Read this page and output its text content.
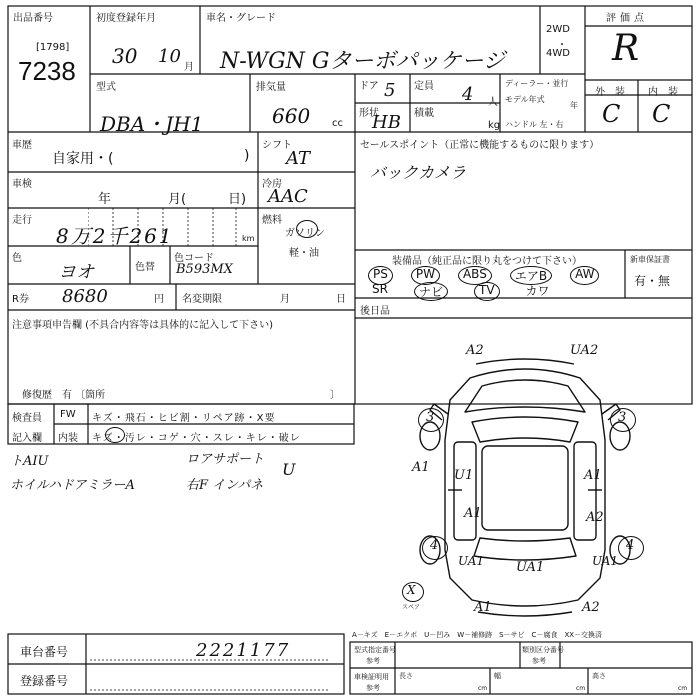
出品番号
[1798]
7238
初度登録年月
30 10
月
車名・グレード
N-WGN Gターボパッケージ
2WD
・
4WD
評価点
R
型式
DBA・JH1
排気量
660 cc
ドア 5 定員 4 人
ディーラー・並行
モデル年式
年
ハンドル 左・右
形状
HB 積載
kg
外　装 内　装
C C
車歴
自家用・(	)
シフト
AT
車検
年	月(	日)
冷房
AAC
走行
8万2千261	km
燃料
ガソリン
軽・油
色
ヨオ	色替
色コード
B593MX
R券 8680	円 名変期限	月	日
注意事項申告欄 (不具合内容等は具体的に記入して下さい)
修復歴　有 〔箇所	〕
セールスポイント（正常に機能するものに限ります）
バックカメラ
装備品（純正品に限り丸をつけて下さい）
PS	PW	ABS	エアB	AW
SR	ナビ	TV	カワ
新車保証書
有・無
後日品
検査員
記入欄
FW キズ・飛石・ヒビ割・リペア跡・X要
内装 キズ・汚レ・コゲ・穴・スレ・キレ・破レ
トAIU
ホイルハドアミラーA
ロアサポート
右F インパネ
U
A2	UA2
A1
3	3
U1	A1
A1	A2
4	4
UA1 UA1	UA1
A1	A2
X
スペア
A－キズ　E－エクボ　U－凹み　W－補修跡　S－サビ　C－腐食　XX－交換済
車台番号	2221177
登録番号
型式指定番号
参考
類別区分番号
参考
車検証明用
参考
長さ
cm
幅
cm
高さ
cm
